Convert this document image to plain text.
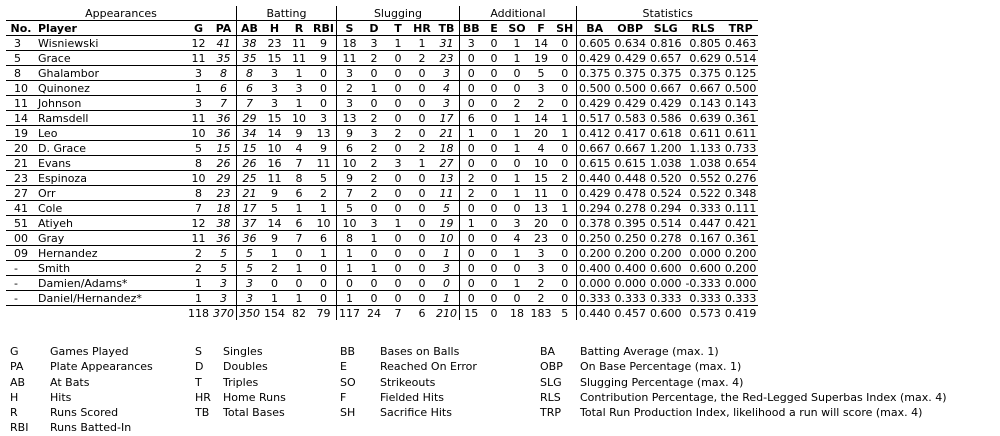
Appearances				Batting				Slugging					Additional					Statistics				
No.	Player	G	PA	AB	H	R	RBI	S	D	T	HR	TB	BB	E	SO	F	SH	BA	OBP	SLG	RLS	TRP
3	Wisniewski	12	41	38	23	11	9	18	3	1	1	31	3	0	1	14	0	0.605	0.634	0.816	0.805	0.463
5	Grace	11	35	35	15	11	9	11	2	0	2	23	0	0	1	19	0	0.429	0.429	0.657	0.629	0.514
8	Ghalambor	3	8	8	3	1	0	3	0	0	0	3	0	0	0	5	0	0.375	0.375	0.375	0.375	0.125
10	Quinonez	1	6	6	3	3	0	2	1	0	0	4	0	0	0	3	0	0.500	0.500	0.667	0.667	0.500
11	Johnson	3	7	7	3	1	0	3	0	0	0	3	0	0	2	2	0	0.429	0.429	0.429	0.143	0.143
14	Ramsdell	11	36	29	15	10	3	13	2	0	0	17	6	0	1	14	1	0.517	0.583	0.586	0.639	0.361
19	Leo	10	36	34	14	9	13	9	3	2	0	21	1	0	1	20	1	0.412	0.417	0.618	0.611	0.611
20	D. Grace	5	15	15	10	4	9	6	2	0	2	18	0	0	1	4	0	0.667	0.667	1.200	1.133	0.733
21	Evans	8	26	26	16	7	11	10	2	3	1	27	0	0	0	10	0	0.615	0.615	1.038	1.038	0.654
23	Espinoza	10	29	25	11	8	5	9	2	0	0	13	2	0	1	15	2	0.440	0.448	0.520	0.552	0.276
27	Orr	8	23	21	9	6	2	7	2	0	0	11	2	0	1	11	0	0.429	0.478	0.524	0.522	0.348
41	Cole	7	18	17	5	1	1	5	0	0	0	5	0	0	0	13	1	0.294	0.278	0.294	0.333	0.111
51	Atiyeh	12	38	37	14	6	10	10	3	1	0	19	1	0	3	20	0	0.378	0.395	0.514	0.447	0.421
00	Gray	11	36	36	9	7	6	8	1	0	0	10	0	0	4	23	0	0.250	0.250	0.278	0.167	0.361
09	Hernandez	2	5	5	1	0	1	1	0	0	0	1	0	0	1	3	0	0.200	0.200	0.200	0.000	0.200
-	Smith	2	5	5	2	1	0	1	1	0	0	3	0	0	0	3	0	0.400	0.400	0.600	0.600	0.200
-	Damien/Adams*	1	3	3	0	0	0	0	0	0	0	0	0	0	1	2	0	0.000	0.000	0.000	-0.333	0.000
-	Daniel/Hernandez*	1	3	3	1	1	0	1	0	0	0	1	0	0	0	2	0	0.333	0.333	0.333	0.333	0.333
		118	370	350	154	82	79	117	24	7	6	210	15	0	18	183	5	0.440	0.457	0.600	0.573	0.419
G	Games Played
PA	Plate Appearances
AB	At Bats
H	Hits
R	Runs Scored
RBI	Runs Batted-In
S	Singles
D	Doubles
T	Triples
HR	Home Runs
TB	Total Bases
BB	Bases on Balls
E	Reached On Error
SO	Strikeouts
F	Fielded Hits
SH	Sacrifice Hits
BA	Batting Average (max. 1)
OBP	On Base Percentage (max. 1)
SLG	Slugging Percentage (max. 4)
RLS	Contribution Percentage, the Red-Legged Superbas Index (max. 4)
TRP	Total Run Production Index, likelihood a run will score (max. 4)
